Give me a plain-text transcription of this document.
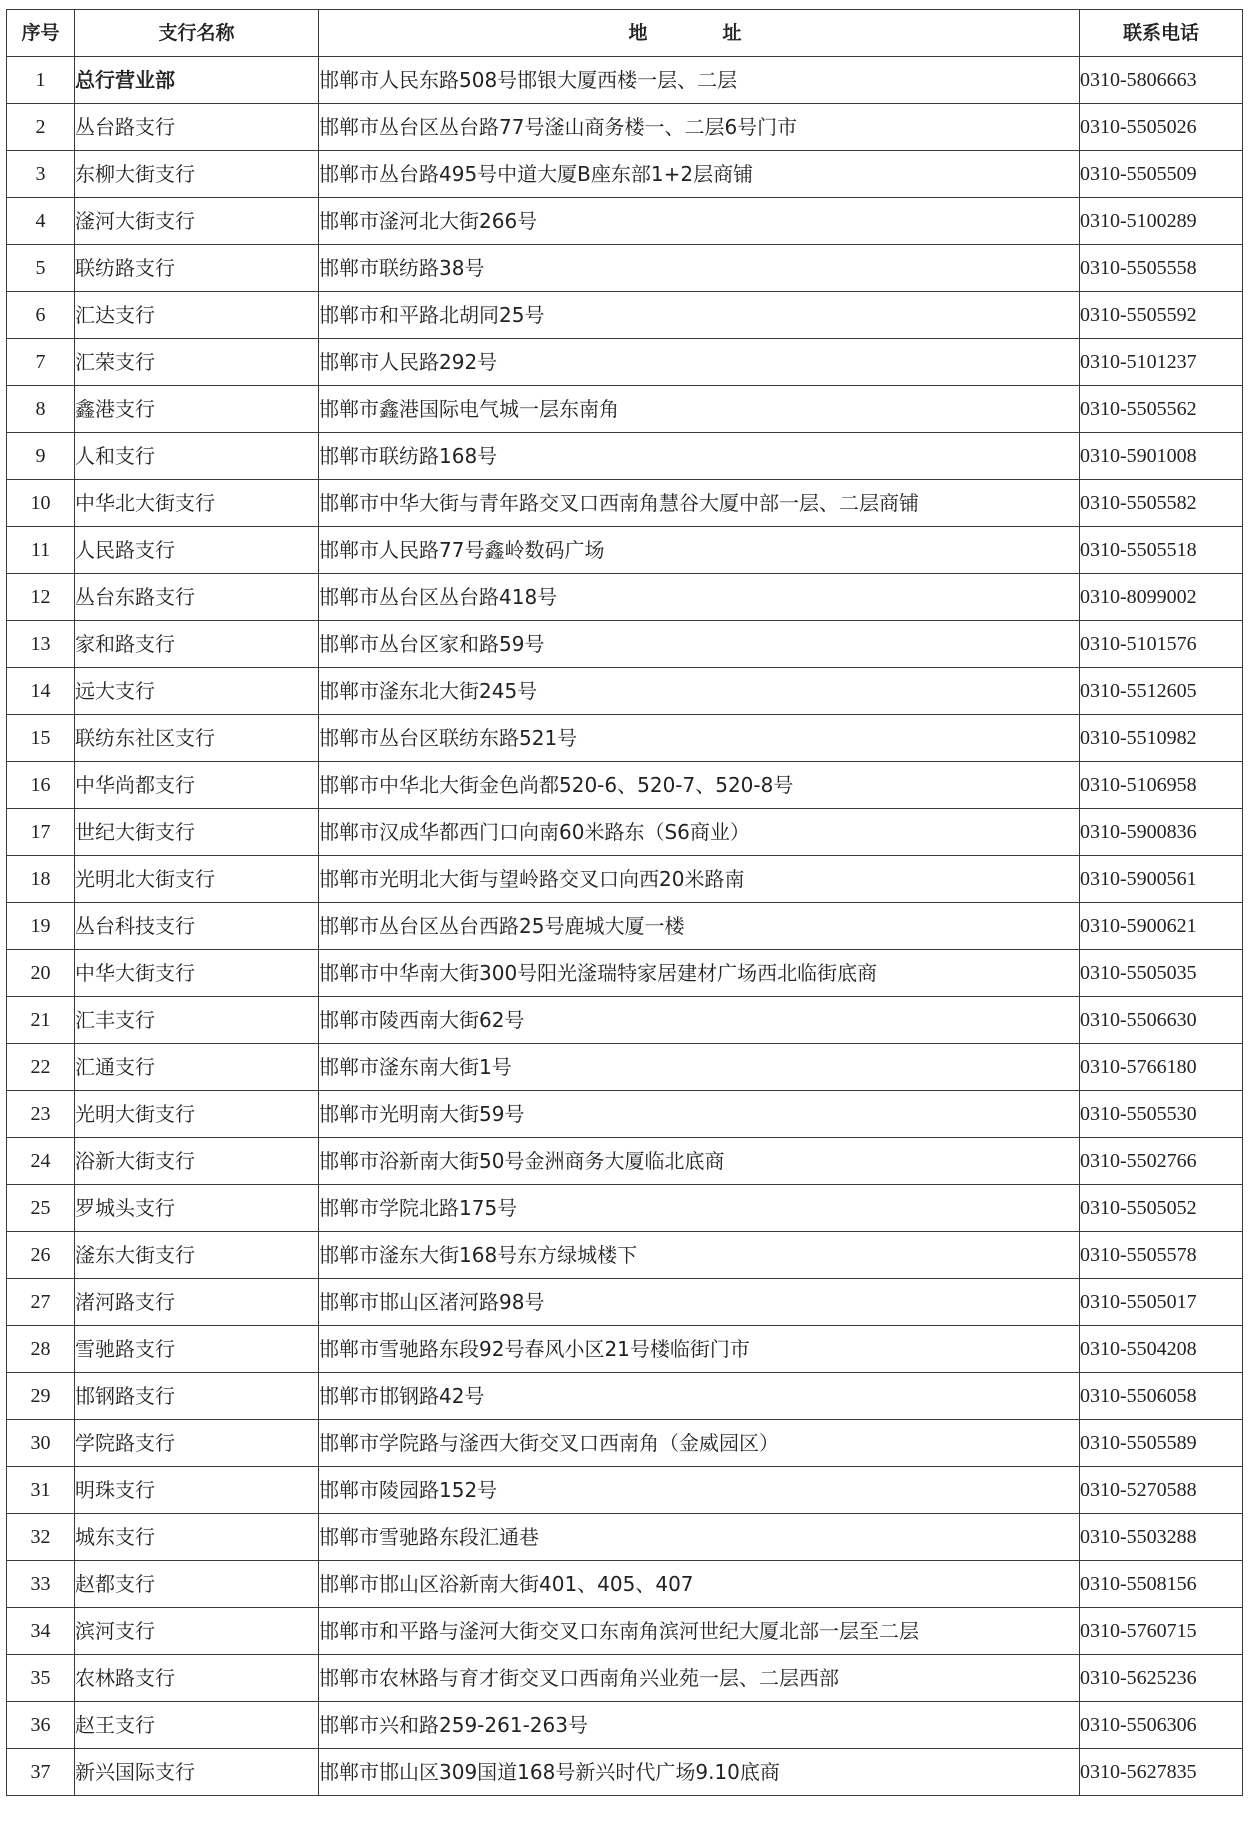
序号	支行名称	地　址	联系电话
1	总行营业部	邯郸市人民东路508号邯银大厦西楼一层、二层	0310-5806663
2	丛台路支行	邯郸市丛台区丛台路77号滏山商务楼一、二层6号门市	0310-5505026
3	东柳大街支行	邯郸市丛台路495号中道大厦B座东部1+2层商铺	0310-5505509
4	滏河大街支行	邯郸市滏河北大街266号	0310-5100289
5	联纺路支行	邯郸市联纺路38号	0310-5505558
6	汇达支行	邯郸市和平路北胡同25号	0310-5505592
7	汇荣支行	邯郸市人民路292号	0310-5101237
8	鑫港支行	邯郸市鑫港国际电气城一层东南角	0310-5505562
9	人和支行	邯郸市联纺路168号	0310-5901008
10	中华北大街支行	邯郸市中华大街与青年路交叉口西南角慧谷大厦中部一层、二层商铺	0310-5505582
11	人民路支行	邯郸市人民路77号鑫岭数码广场	0310-5505518
12	丛台东路支行	邯郸市丛台区丛台路418号	0310-8099002
13	家和路支行	邯郸市丛台区家和路59号	0310-5101576
14	远大支行	邯郸市滏东北大街245号	0310-5512605
15	联纺东社区支行	邯郸市丛台区联纺东路521号	0310-5510982
16	中华尚都支行	邯郸市中华北大街金色尚都520-6、520-7、520-8号	0310-5106958
17	世纪大街支行	邯郸市汉成华都西门口向南60米路东（S6商业）	0310-5900836
18	光明北大街支行	邯郸市光明北大街与望岭路交叉口向西20米路南	0310-5900561
19	丛台科技支行	邯郸市丛台区丛台西路25号鹿城大厦一楼	0310-5900621
20	中华大街支行	邯郸市中华南大街300号阳光滏瑞特家居建材广场西北临街底商	0310-5505035
21	汇丰支行	邯郸市陵西南大街62号	0310-5506630
22	汇通支行	邯郸市滏东南大街1号	0310-5766180
23	光明大街支行	邯郸市光明南大街59号	0310-5505530
24	浴新大街支行	邯郸市浴新南大街50号金洲商务大厦临北底商	0310-5502766
25	罗城头支行	邯郸市学院北路175号	0310-5505052
26	滏东大街支行	邯郸市滏东大街168号东方绿城楼下	0310-5505578
27	渚河路支行	邯郸市邯山区渚河路98号	0310-5505017
28	雪驰路支行	邯郸市雪驰路东段92号春风小区21号楼临街门市	0310-5504208
29	邯钢路支行	邯郸市邯钢路42号	0310-5506058
30	学院路支行	邯郸市学院路与滏西大街交叉口西南角（金威园区）	0310-5505589
31	明珠支行	邯郸市陵园路152号	0310-5270588
32	城东支行	邯郸市雪驰路东段汇通巷	0310-5503288
33	赵都支行	邯郸市邯山区浴新南大街401、405、407	0310-5508156
34	滨河支行	邯郸市和平路与滏河大街交叉口东南角滨河世纪大厦北部一层至二层	0310-5760715
35	农林路支行	邯郸市农林路与育才街交叉口西南角兴业苑一层、二层西部	0310-5625236
36	赵王支行	邯郸市兴和路259-261-263号	0310-5506306
37	新兴国际支行	邯郸市邯山区309国道168号新兴时代广场9.10底商	0310-5627835
